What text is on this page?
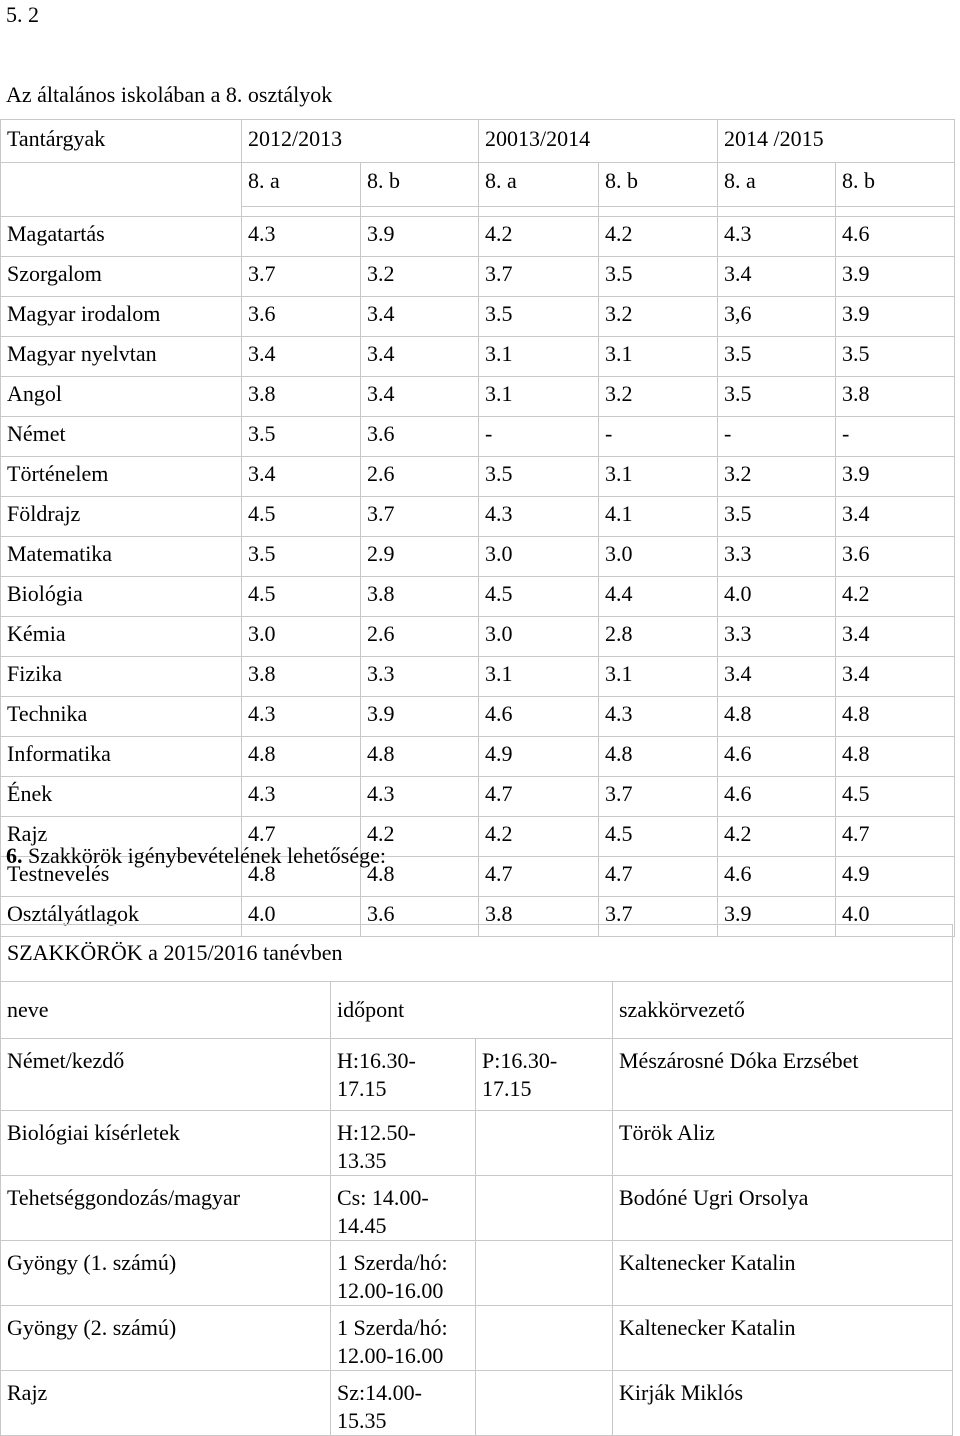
5. 2
Az általános iskolában a 8. osztályok
Tantárgyak	2012/2013		20013/2014		2014 /2015	
	8. a	8. b	8. a	8. b	8. a	8. b

Magatartás	4.3	3.9	4.2	4.2	4.3	4.6
Szorgalom	3.7	3.2	3.7	3.5	3.4	3.9
Magyar irodalom	3.6	3.4	3.5	3.2	3,6	3.9
Magyar nyelvtan	3.4	3.4	3.1	3.1	3.5	3.5
Angol	3.8	3.4	3.1	3.2	3.5	3.8
Német	3.5	3.6	-	-	-	-
Történelem	3.4	2.6	3.5	3.1	3.2	3.9
Földrajz	4.5	3.7	4.3	4.1	3.5	3.4
Matematika	3.5	2.9	3.0	3.0	3.3	3.6
Biológia	4.5	3.8	4.5	4.4	4.0	4.2
Kémia	3.0	2.6	3.0	2.8	3.3	3.4
Fizika	3.8	3.3	3.1	3.1	3.4	3.4
Technika	4.3	3.9	4.6	4.3	4.8	4.8
Informatika	4.8	4.8	4.9	4.8	4.6	4.8
Ének	4.3	4.3	4.7	3.7	4.6	4.5
Rajz	4.7	4.2	4.2	4.5	4.2	4.7
Testnevelés	4.8	4.8	4.7	4.7	4.6	4.9
Osztályátlagok	4.0	3.6	3.8	3.7	3.9	4.0
6. Szakkörök igénybevételének lehetősége:
SZAKKÖRÖK a 2015/2016 tanévben			
neve	időpont		szakkörvezető
Német/kezdő	H:16.30-
17.15	P:16.30-
17.15	Mészárosné Dóka Erzsébet
Biológiai kísérletek	H:12.50-
13.35		Török Aliz
Tehetséggondozás/magyar	Cs: 14.00-
14.45		Bodóné Ugri Orsolya
Gyöngy (1. számú)	1 Szerda/hó:
12.00-16.00		Kaltenecker Katalin
Gyöngy (2. számú)	1 Szerda/hó:
12.00-16.00		Kaltenecker Katalin
Rajz	Sz:14.00-
15.35		Kirják Miklós
